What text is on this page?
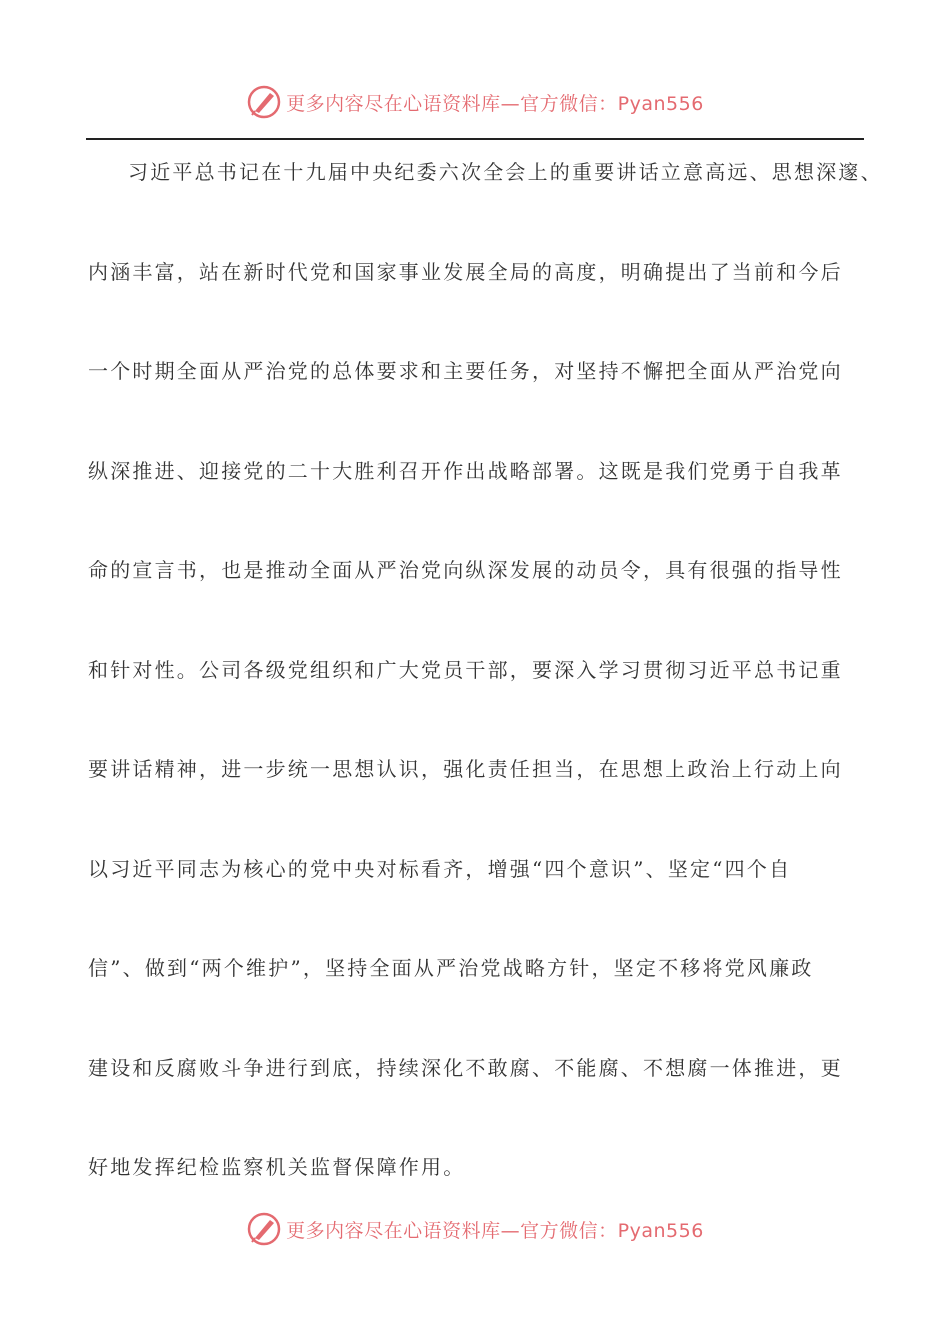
更多内容尽在心语资料库—官方微信：Pyan556
习近平总书记在十九届中央纪委六次全会上的重要讲话立意高远、思想深邃、
内涵丰富，站在新时代党和国家事业发展全局的高度，明确提出了当前和今后
一个时期全面从严治党的总体要求和主要任务，对坚持不懈把全面从严治党向
纵深推进、迎接党的二十大胜利召开作出战略部署。这既是我们党勇于自我革
命的宣言书，也是推动全面从严治党向纵深发展的动员令，具有很强的指导性
和针对性。公司各级党组织和广大党员干部，要深入学习贯彻习近平总书记重
要讲话精神，进一步统一思想认识，强化责任担当，在思想上政治上行动上向
以习近平同志为核心的党中央对标看齐，增强“四个意识”、坚定“四个自
信”、做到“两个维护”，坚持全面从严治党战略方针，坚定不移将党风廉政
建设和反腐败斗争进行到底，持续深化不敢腐、不能腐、不想腐一体推进，更
好地发挥纪检监察机关监督保障作用。
更多内容尽在心语资料库—官方微信：Pyan556
